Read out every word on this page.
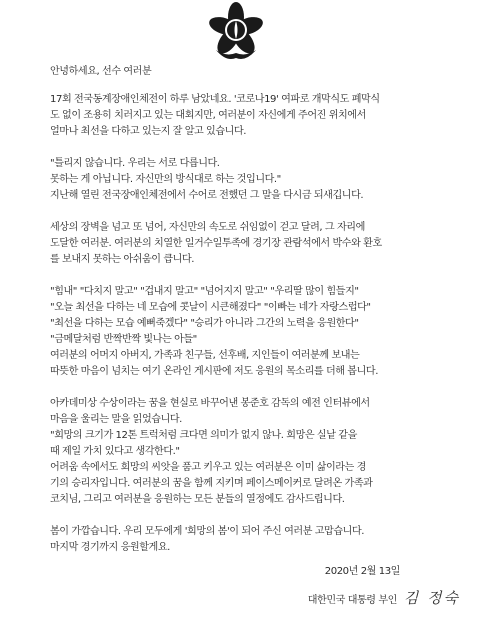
안녕하세요, 선수 여러분
17회 전국동계장애인체전이 하루 남았네요. '코로나19' 여파로 개막식도 폐막식
도 없이 조용히 치러지고 있는 대회지만, 여러분이 자신에게 주어진 위치에서
얼마나 최선을 다하고 있는지 잘 알고 있습니다.
"틀리지 않습니다. 우리는 서로 다릅니다.
못하는 게 아닙니다. 자신만의 방식대로 하는 것입니다."
지난해 열린 전국장애인체전에서 수어로 전했던 그 말을 다시금 되새깁니다.
세상의 장벽을 넘고 또 넘어, 자신만의 속도로 쉬임없이 걷고 달려, 그 자리에
도달한 여러분. 여러분의 치열한 일거수일투족에 경기장 관람석에서 박수와 환호
를 보내지 못하는 아쉬움이 큽니다.
"힘내" "다치지 말고" "겁내지 말고" "넘어지지 말고" "우리딸 많이 힘들지"
"오늘 최선을 다하는 네 모습에 콧날이 시큰해졌다" "이빠는 네가 자랑스럽다"
"최선을 다하는 모습 예뻐죽겠다" "승리가 아니라 그간의 노력을 응원한다"
"금메달처럼 반짝반짝 빛나는 아들"
여러분의 어머지 아버지, 가족과 친구들, 선후배, 지인들이 여러분께 보내는
따뜻한 마음이 넘치는 여기 온라인 게시판에 저도 응원의 목소리를 더해 봅니다.
아카데미상 수상이라는 꿈을 현실로 바꾸어낸 봉준호 감독의 예전 인터뷰에서
마음을 울리는 말을 읽었습니다.
"희망의 크기가 12톤 트럭처럼 크다면 의미가 없지 않나. 희망은 실낱 같을
때 제일 가치 있다고 생각한다."
어려움 속에서도 희망의 씨앗을 품고 키우고 있는 여러분은 이미 삶이라는 경
기의 승리자입니다. 여러분의 꿈을 함께 지키며 페이스메이커로 달려온 가족과
코치님, 그리고 여러분을 응원하는 모든 분들의 열정에도 감사드립니다.
봄이 가깝습니다. 우리 모두에게 '희망의 봄'이 되어 주신 여러분 고맙습니다.
마지막 경기까지 응원할게요.
2020년 2월 13일
대한민국 대통령 부인 김 정숙
